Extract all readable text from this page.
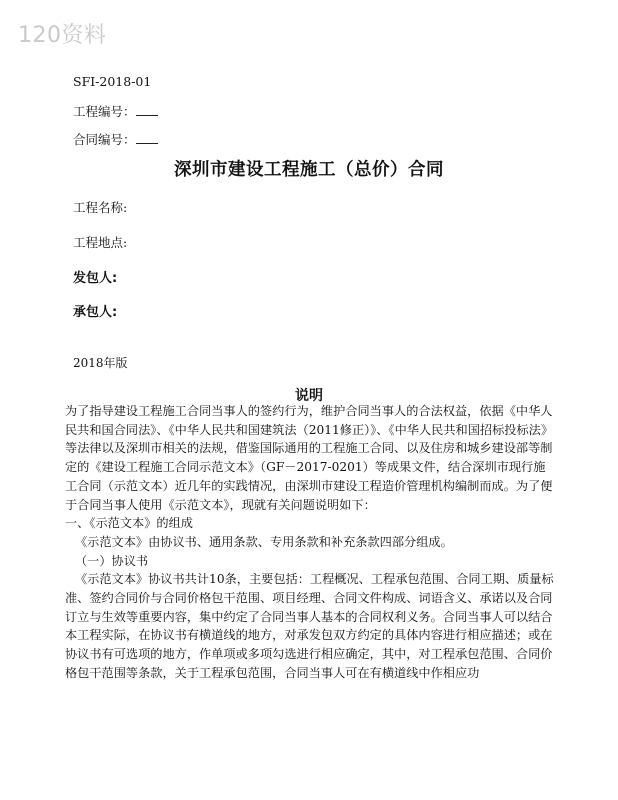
120资料
SFI-2018-01
工程编号：
合同编号：
深圳市建设工程施工（总价）合同
工程名称:
工程地点:
发包人:
承包人:
2018年版
说明

为了指导建设工程施工合同当事人的签约行为，维护合同当事人的合法权益，依据《中华人民共和国合同法》、《中华人民共和国建筑法（2011修正）》、《中华人民共和国招标投标法》等法律以及深圳市相关的法规，借鉴国际通用的工程施工合同、以及住房和城乡建设部等制定的《建设工程施工合同示范文本》（GF－2017-0201）等成果文件，结合深圳市现行施工合同（示范文本）近几年的实践情况，由深圳市建设工程造价管理机构编制而成。为了便于合同当事人使用《示范文本》，现就有关问题说明如下：

一、《示范文本》的组成

《示范文本》由协议书、通用条款、专用条款和补充条款四部分组成。

（一）协议书

《示范文本》协议书共计10条，主要包括：工程概况、工程承包范围、合同工期、质量标准、签约合同价与合同价格包干范围、项目经理、合同文件构成、词语含义、承诺以及合同订立与生效等重要内容，集中约定了合同当事人基本的合同权利义务。合同当事人可以结合本工程实际，在协议书有横道线的地方，对承发包双方约定的具体内容进行相应描述；或在协议书有可选项的地方，作单项或多项勾选进行相应确定，其中，对工程承包范围、合同价格包干范围等条款，关于工程承包范围，合同当事人可在有横道线中作相应功
